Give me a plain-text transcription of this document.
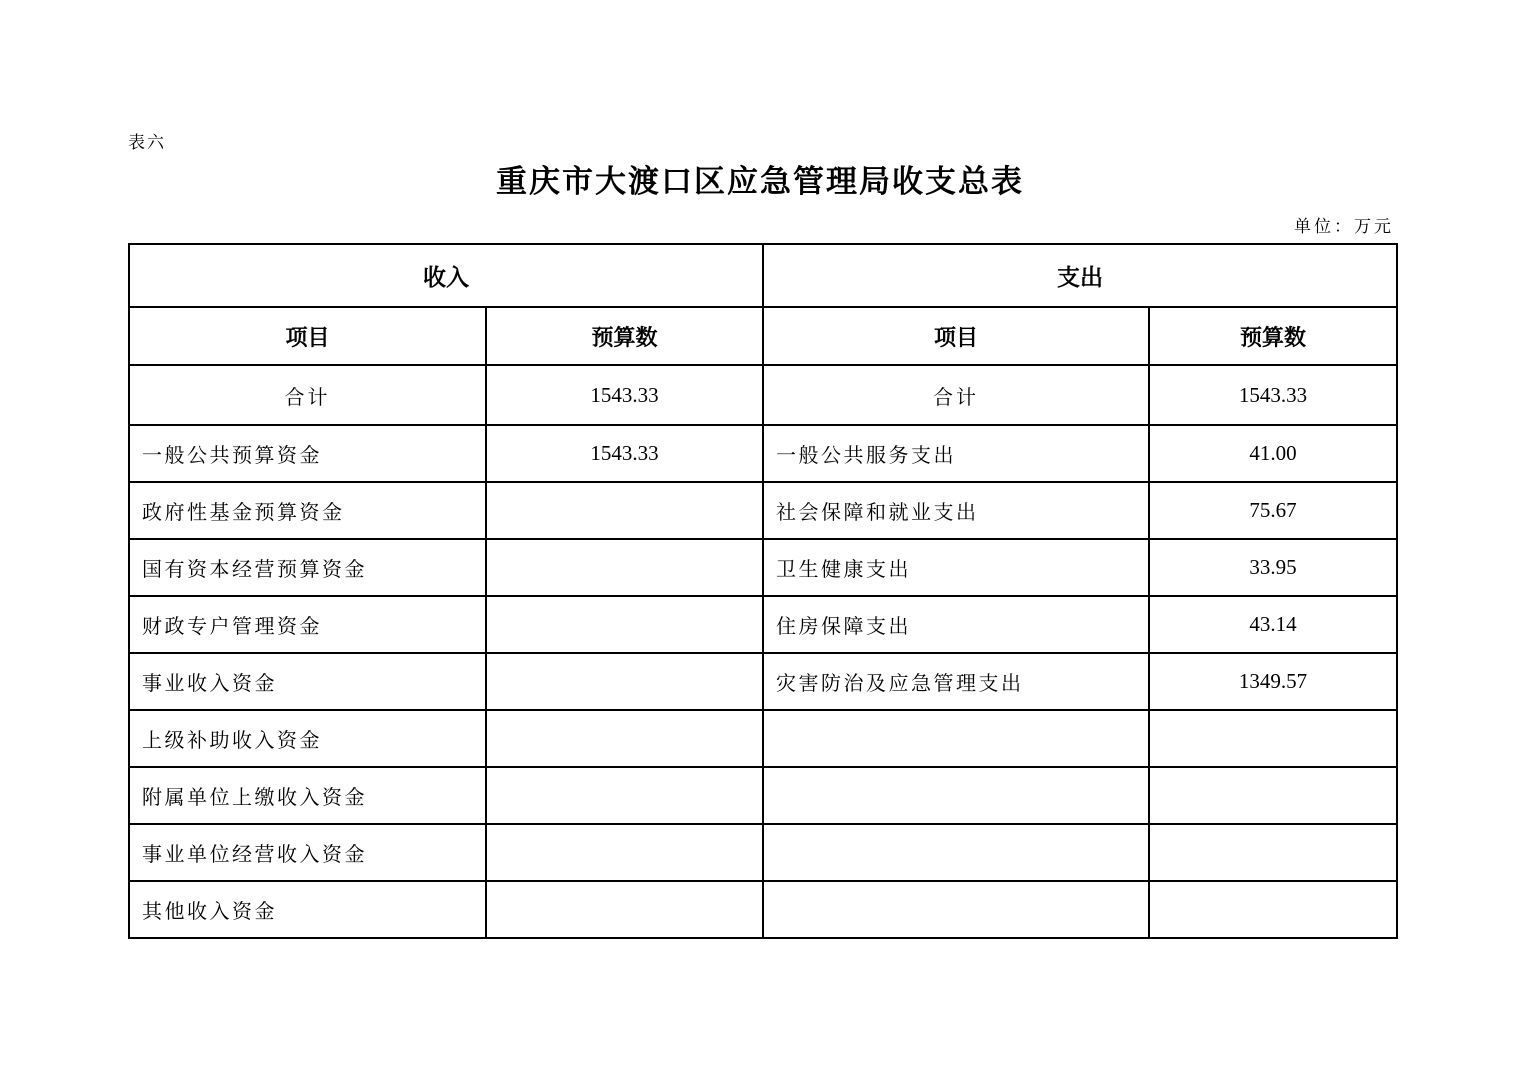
表六
重庆市大渡口区应急管理局收支总表
单位：万元
收入		支出	
项目	预算数	项目	预算数
合计	1543.33	合计	1543.33
一般公共预算资金	1543.33	一般公共服务支出	41.00
政府性基金预算资金		社会保障和就业支出	75.67
国有资本经营预算资金		卫生健康支出	33.95
财政专户管理资金		住房保障支出	43.14
事业收入资金		灾害防治及应急管理支出	1349.57
上级补助收入资金			
附属单位上缴收入资金			
事业单位经营收入资金			
其他收入资金			
